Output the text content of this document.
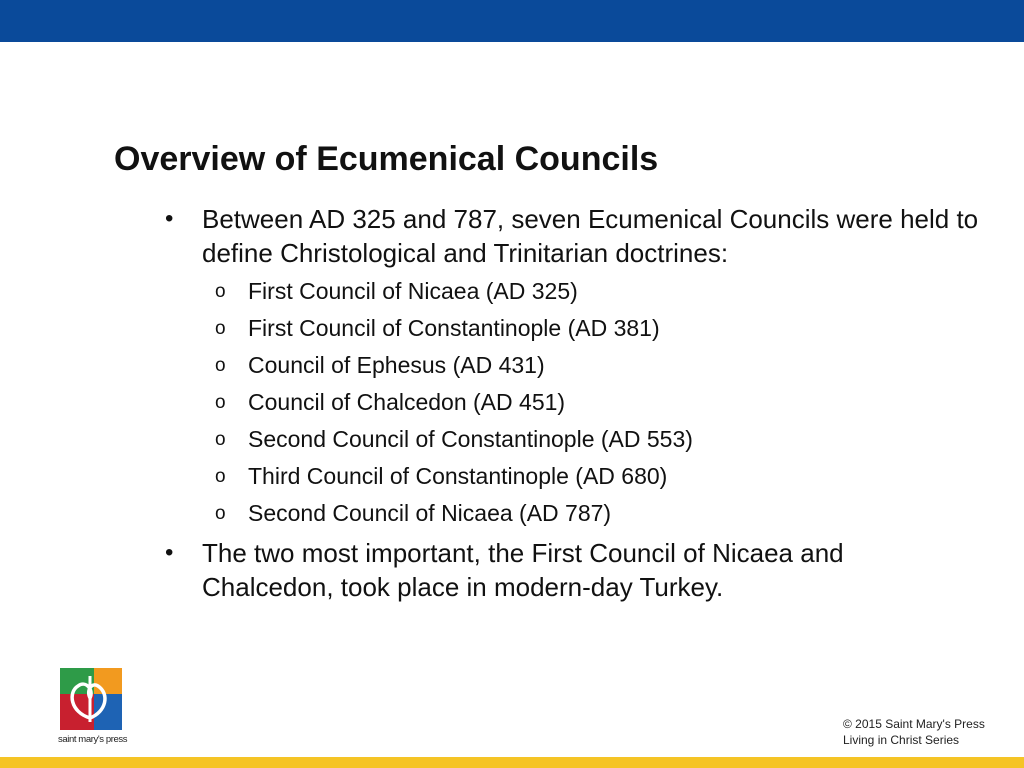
Overview of Ecumenical Councils
• Between AD 325 and 787, seven Ecumenical Councils were held to define Christological and Trinitarian doctrines:
o First Council of Nicaea (AD 325)
o First Council of Constantinople (AD 381)
o Council of Ephesus (AD 431)
o Council of Chalcedon (AD 451)
o Second Council of Constantinople (AD 553)
o Third Council of Constantinople (AD 680)
o Second Council of Nicaea (AD 787)
• The two most important, the First Council of Nicaea and Chalcedon, took place in modern-day Turkey.
saint mary's press
© 2015 Saint Mary's Press
Living in Christ Series
